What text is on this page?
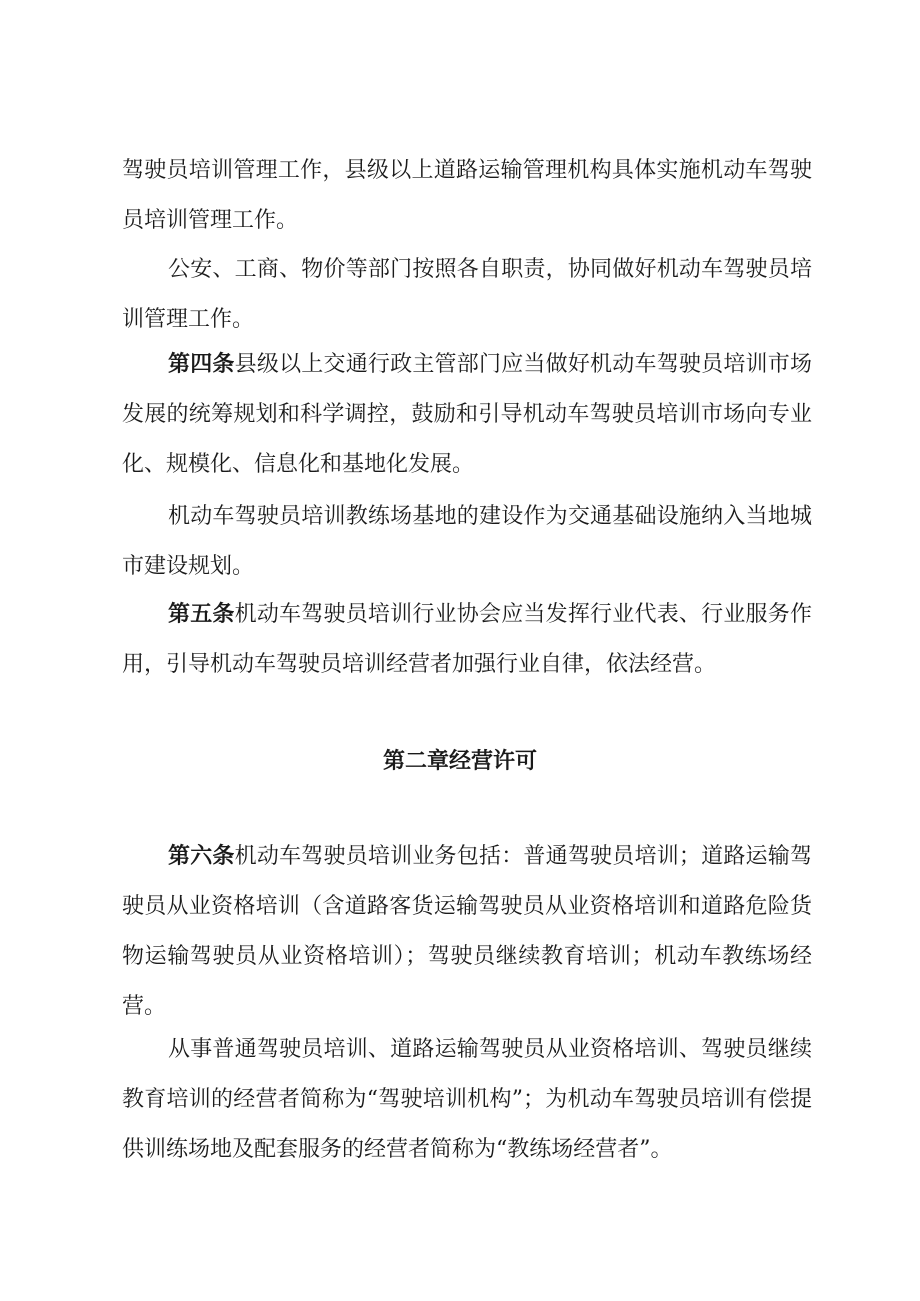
驾驶员培训管理工作，县级以上道路运输管理机构具体实施机动车驾驶员培训管理工作。

公安、工商、物价等部门按照各自职责，协同做好机动车驾驶员培训管理工作。

第四条县级以上交通行政主管部门应当做好机动车驾驶员培训市场发展的统筹规划和科学调控，鼓励和引导机动车驾驶员培训市场向专业化、规模化、信息化和基地化发展。

机动车驾驶员培训教练场基地的建设作为交通基础设施纳入当地城市建设规划。

第五条机动车驾驶员培训行业协会应当发挥行业代表、行业服务作用，引导机动车驾驶员培训经营者加强行业自律，依法经营。

第二章经营许可

第六条机动车驾驶员培训业务包括：普通驾驶员培训；道路运输驾驶员从业资格培训（含道路客货运输驾驶员从业资格培训和道路危险货物运输驾驶员从业资格培训）；驾驶员继续教育培训；机动车教练场经营。

从事普通驾驶员培训、道路运输驾驶员从业资格培训、驾驶员继续教育培训的经营者简称为“驾驶培训机构”；为机动车驾驶员培训有偿提供训练场地及配套服务的经营者简称为“教练场经营者”。
